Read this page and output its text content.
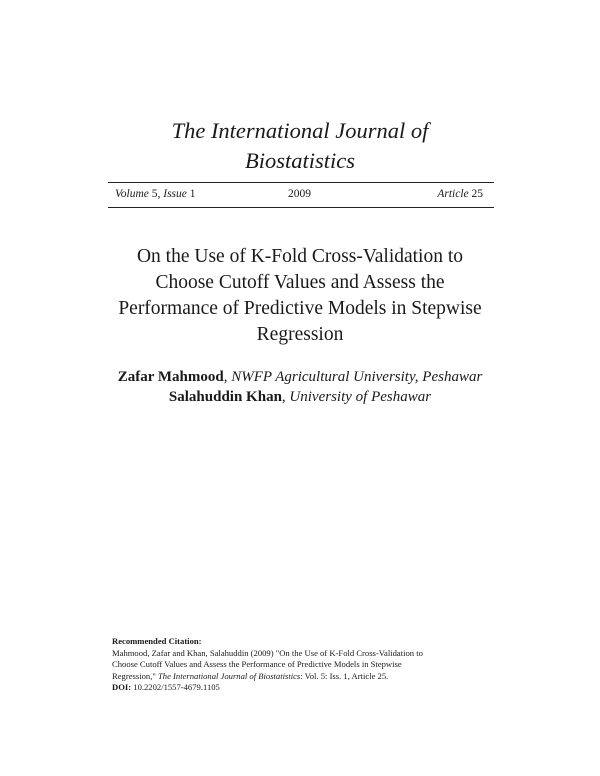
The International Journal of
Biostatistics
Volume 5, Issue 1	2009	Article 25
On the Use of K-Fold Cross-Validation to
Choose Cutoff Values and Assess the
Performance of Predictive Models in Stepwise
Regression
Zafar Mahmood, NWFP Agricultural University, Peshawar
Salahuddin Khan, University of Peshawar
Recommended Citation:
Mahmood, Zafar and Khan, Salahuddin (2009) "On the Use of K-Fold Cross-Validation to
Choose Cutoff Values and Assess the Performance of Predictive Models in Stepwise
Regression," The International Journal of Biostatistics: Vol. 5: Iss. 1, Article 25.
DOI: 10.2202/1557-4679.1105
